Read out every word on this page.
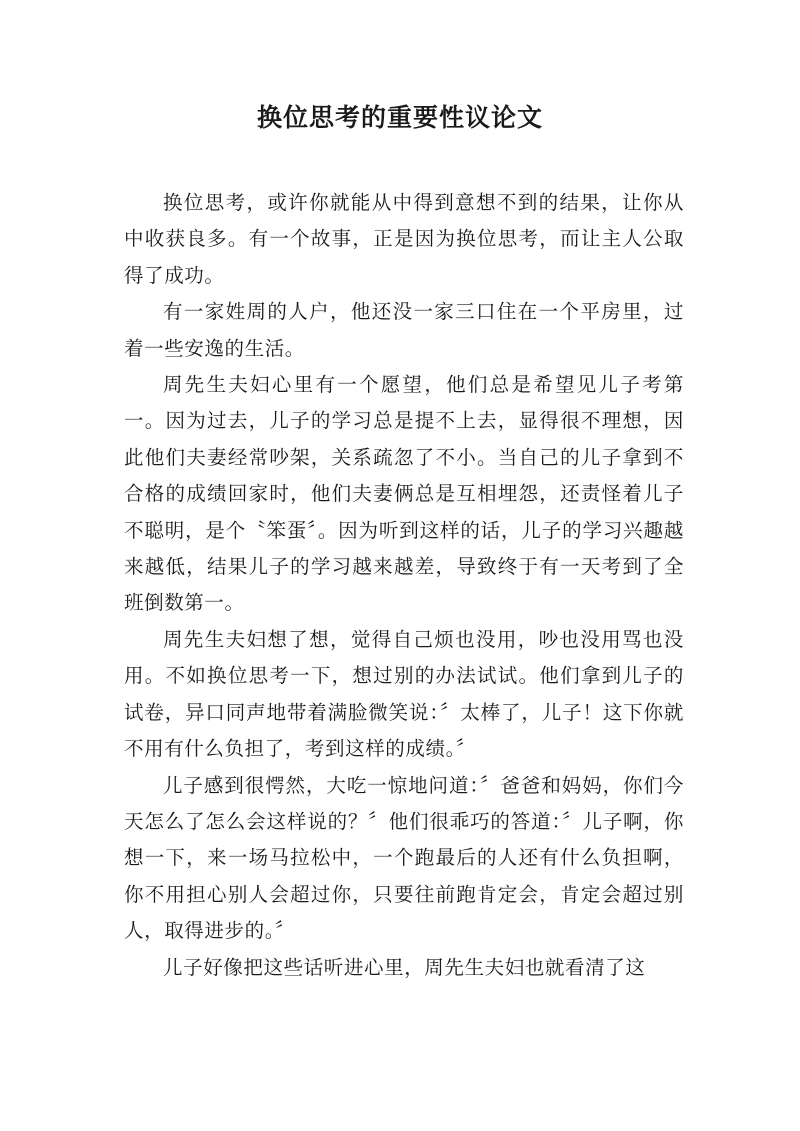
换位思考的重要性议论文

换位思考，或许你就能从中得到意想不到的结果，让你从中收获良多。有一个故事，正是因为换位思考，而让主人公取得了成功。

有一家姓周的人户，他还没一家三口住在一个平房里，过着一些安逸的生活。

周先生夫妇心里有一个愿望，他们总是希望见儿子考第一。因为过去，儿子的学习总是提不上去，显得很不理想，因此他们夫妻经常吵架，关系疏忽了不小。当自己的儿子拿到不合格的成绩回家时，他们夫妻俩总是互相埋怨，还责怪着儿子不聪明，是个〝笨蛋〞。因为听到这样的话，儿子的学习兴趣越来越低，结果儿子的学习越来越差，导致终于有一天考到了全班倒数第一。

周先生夫妇想了想，觉得自己烦也没用，吵也没用骂也没用。不如换位思考一下，想过别的办法试试。他们拿到儿子的试卷，异口同声地带着满脸微笑说：〞太棒了，儿子！这下你就不用有什么负担了，考到这样的成绩。〞

儿子感到很愕然，大吃一惊地问道：〞爸爸和妈妈，你们今天怎么了怎么会这样说的？〞他们很乖巧的答道：〞儿子啊，你想一下，来一场马拉松中，一个跑最后的人还有什么负担啊，你不用担心别人会超过你，只要往前跑肯定会，肯定会超过别人，取得进步的。〞

儿子好像把这些话听进心里，周先生夫妇也就看清了这
